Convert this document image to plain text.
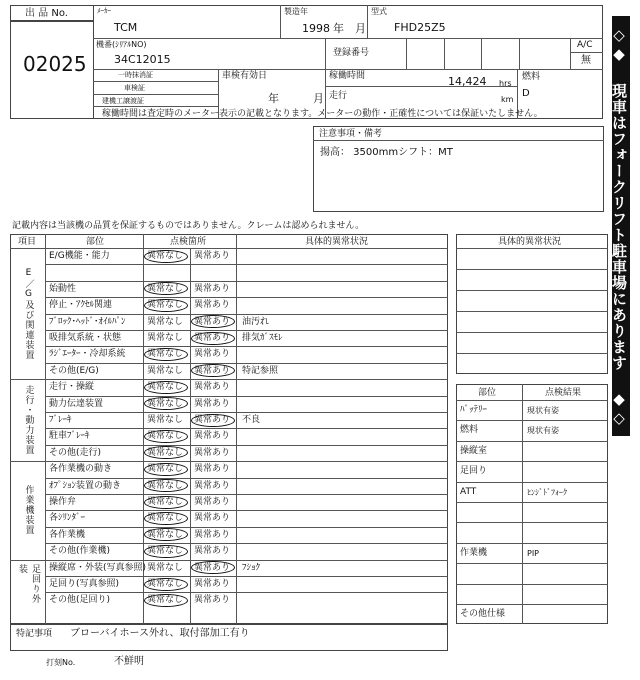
出 品 No.
02025
ﾒｰｶｰ
TCM
製造年
1998 年 月
型式
FHD25Z5
機番(ｼﾘｱﾙNO)
34C12015	登録番号
A/C
無
一時抹消証
車検証
建機工譲渡証
車検有効日
年	月
稼働時間	14,424 hrs
走行	km
燃料
D
稼働時間は査定時のメーター表示の記載となります。メーターの動作・正確性については保証いたしません。
注意事項・備考
揚高： 3500mmシフト：MT	◇◆ 現車はフォークリフト駐車場にあります ◆◇
記載内容は当該機の品質を保証するものではありません。クレームは認められません。
項目	部位	点検箇所	具体的異常状況
E/G機能・能力	異常なし 異常あり
始動性	異常なし 異常あり
停止・ｱｸｾﾙ関連	異常なし 異常あり
ﾌﾞﾛｯｸ･ﾍｯﾄﾞ･ｵｲﾙﾊﾟﾝ 異常なし 異常あり 油汚れ
吸排気系統・状態	異常なし 異常あり 排気ｶﾞｽﾓﾚ
ﾗｼﾞｴｰﾀｰ・冷却系統 異常なし 異常あり
その他(E/G)	異常なし 異常あり 特記参照
E／G及び関連装置
走行・操縦	異常なし 異常あり
動力伝達装置	異常なし 異常あり
ﾌﾞﾚｰｷ	異常なし 異常あり 不良
駐車ﾌﾞﾚｰｷ	異常なし 異常あり
その他(走行)	異常なし 異常あり
走行・動力装置
各作業機の動き	異常なし 異常あり
ｵﾌﾟｼｮﾝ装置の動き	異常なし 異常あり
操作弁	異常なし 異常あり
各ｼﾘﾝﾀﾞｰ	異常なし 異常あり
各作業機	異常なし 異常あり
その他(作業機)	異常なし 異常あり
作業機装置
操縦席・外装(写真参照) 異常なし 異常あり ﾌｼｮｸ
足回り(写真参照)	異常なし 異常あり
その他(足回り)	異常なし 異常あり
足回り外装
具体的異常状況
部位	点検結果
ﾊﾞｯﾃﾘｰ	現状有姿
燃料	現状有姿
操縦室
足回り
ATT	ﾋﾝｼﾞﾄﾞﾌｫｰｸ
作業機	PIP
その他仕様
特記事項 ブローバイホース外れ、取付部加工有り
打刻No.	不鮮明
